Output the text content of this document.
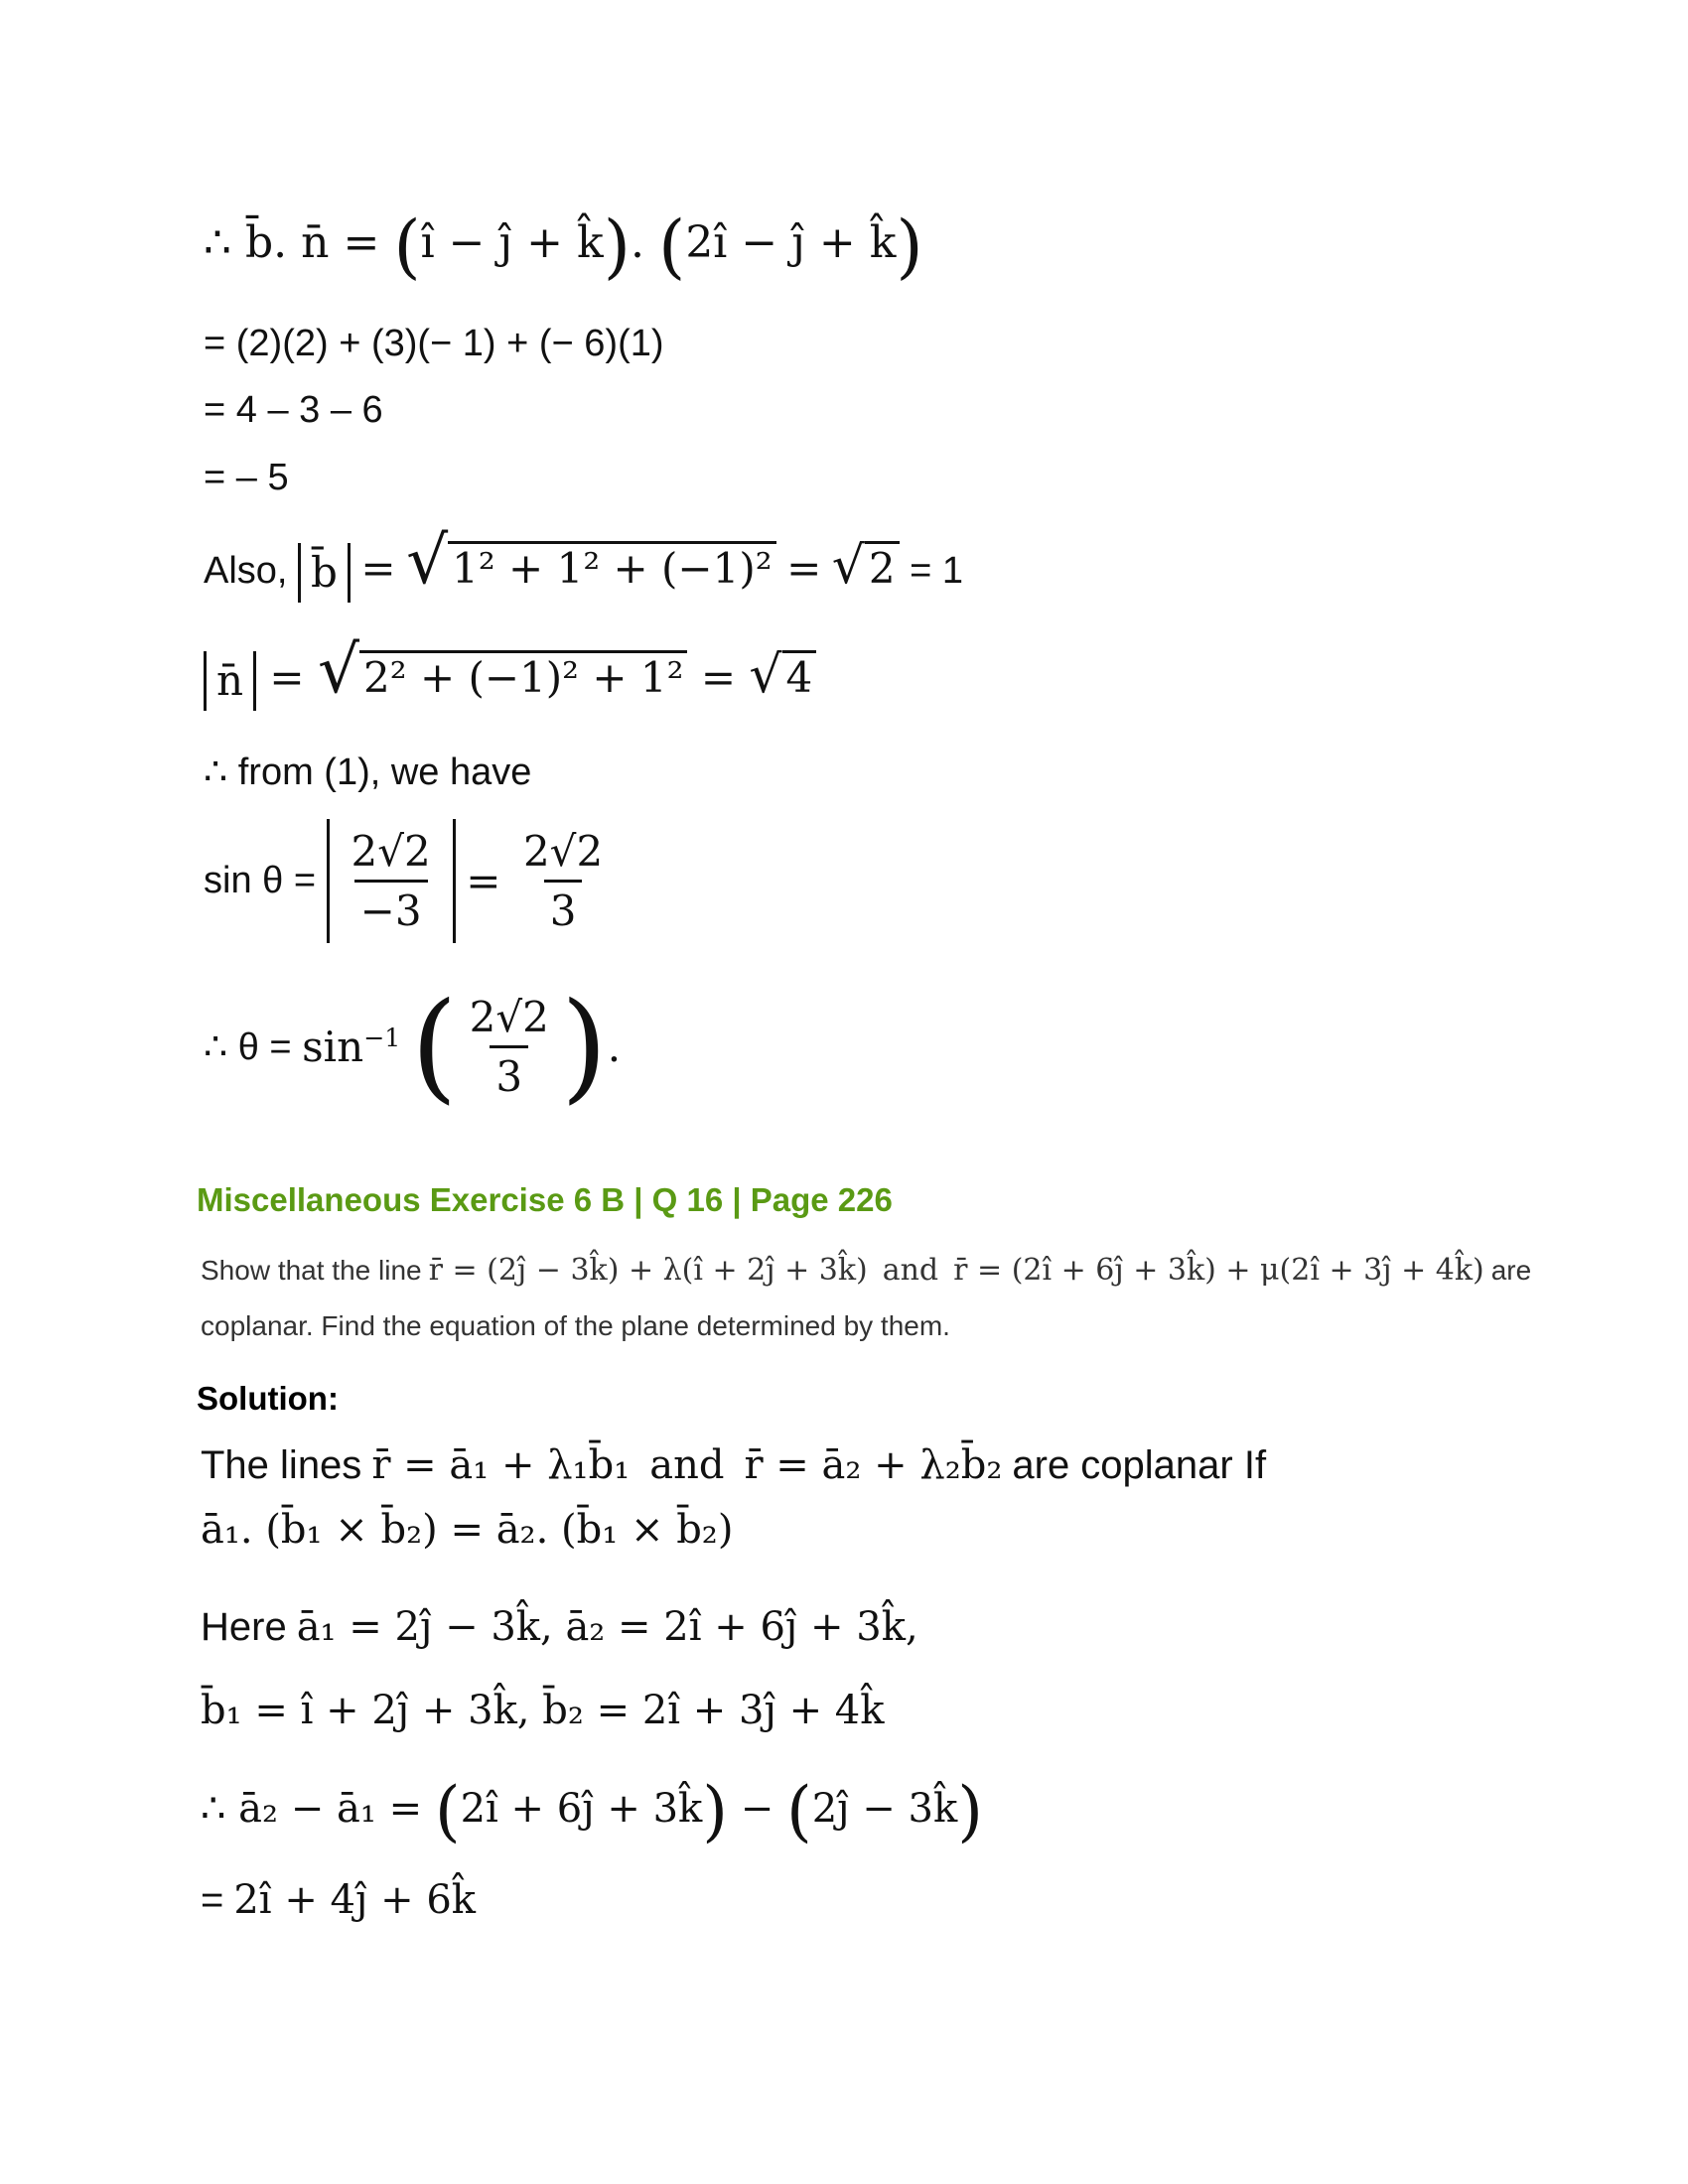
∴ b̄. n̄ = (î − ĵ + k̂). (2î − ĵ + k̂)
= (2)(2) + (3)(− 1) + (− 6)(1)
= 4 – 3 – 6
= – 5
Also, b̄ = √1² + 1² + (−1)² = √2 = 1
n̄ = √2² + (−1)² + 1² = √4
∴ from (1), we have
$\sin \theta = \frac{2√2}{-3} = \frac{2√2}{3}$
∴ $\theta = \sin^{-1}$ ( $\frac{2√2}{3}$ ).
Miscellaneous Exercise 6 B | Q 16 | Page 226
Show that the line r̄ = (2ĵ − 3k̂) + λ(î + 2ĵ + 3k̂) and r̄ = (2î + 6ĵ + 3k̂) + μ(2î + 3ĵ + 4k̂) are
coplanar. Find the equation of the plane determined by them.
Solution:
The lines r̄ = ā₁ + λ₁b̄₁ and r̄ = ā₂ + λ₂b̄₂ are coplanar If
ā₁. (b̄₁ × b̄₂) = ā₂. (b̄₁ × b̄₂)
Here ā₁ = 2ĵ − 3k̂, ā₂ = 2î + 6ĵ + 3k̂,
b̄₁ = î + 2ĵ + 3k̂, b̄₂ = 2î + 3ĵ + 4k̂
∴ ā₂ − ā₁ = (2î + 6ĵ + 3k̂) − (2ĵ − 3k̂)
= 2î + 4ĵ + 6k̂
